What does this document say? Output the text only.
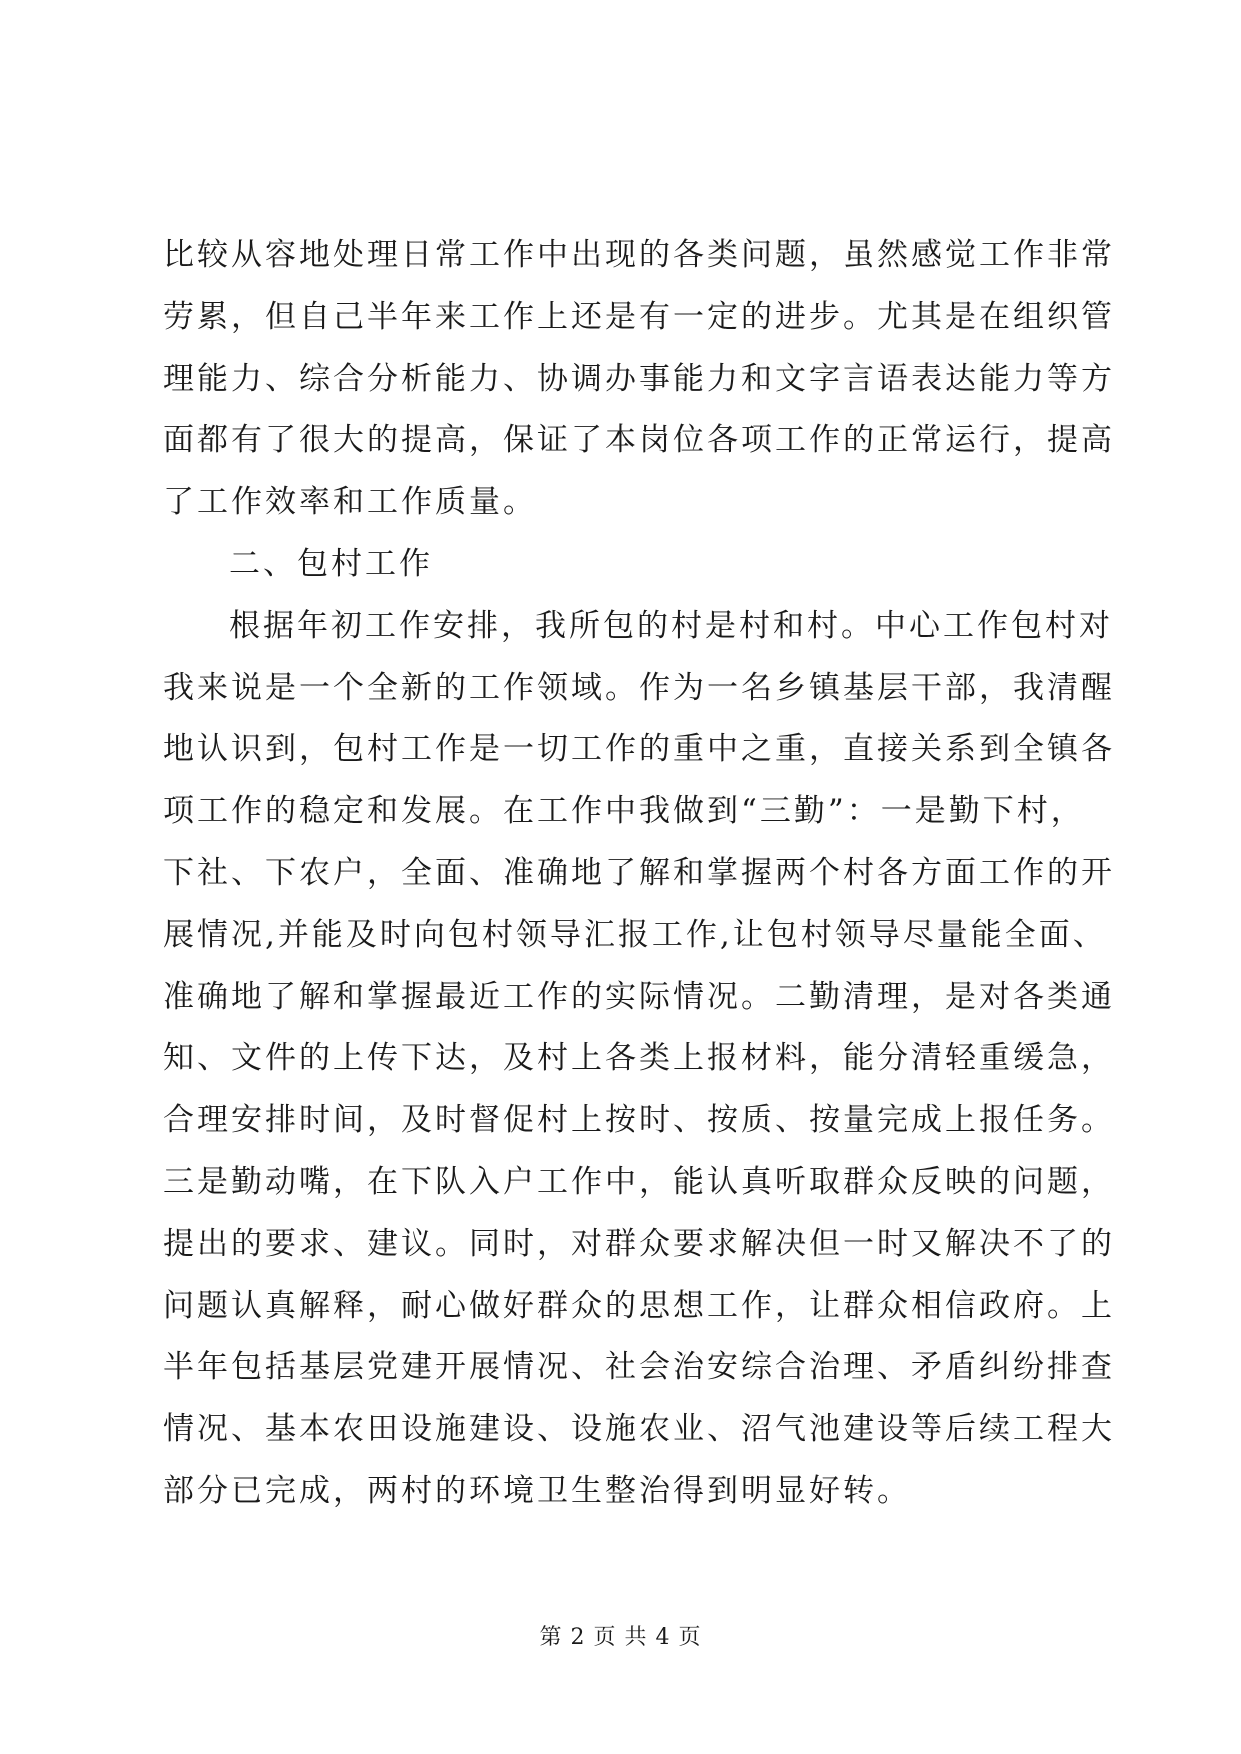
比较从容地处理日常工作中出现的各类问题，虽然感觉工作非常
劳累，但自己半年来工作上还是有一定的进步。尤其是在组织管
理能力、综合分析能力、协调办事能力和文字言语表达能力等方
面都有了很大的提高，保证了本岗位各项工作的正常运行，提高
了工作效率和工作质量。
二、包村工作
根据年初工作安排，我所包的村是村和村。中心工作包村对
我来说是一个全新的工作领域。作为一名乡镇基层干部，我清醒
地认识到，包村工作是一切工作的重中之重，直接关系到全镇各
项工作的稳定和发展。在工作中我做到“三勤”：一是勤下村，
下社、下农户，全面、准确地了解和掌握两个村各方面工作的开
展情况,并能及时向包村领导汇报工作,让包村领导尽量能全面、
准确地了解和掌握最近工作的实际情况。二勤清理，是对各类通
知、文件的上传下达，及村上各类上报材料，能分清轻重缓急，
合理安排时间，及时督促村上按时、按质、按量完成上报任务。
三是勤动嘴，在下队入户工作中，能认真听取群众反映的问题，
提出的要求、建议。同时，对群众要求解决但一时又解决不了的
问题认真解释，耐心做好群众的思想工作，让群众相信政府。上
半年包括基层党建开展情况、社会治安综合治理、矛盾纠纷排查
情况、基本农田设施建设、设施农业、沼气池建设等后续工程大
部分已完成，两村的环境卫生整治得到明显好转。
第 2 页 共 4 页
